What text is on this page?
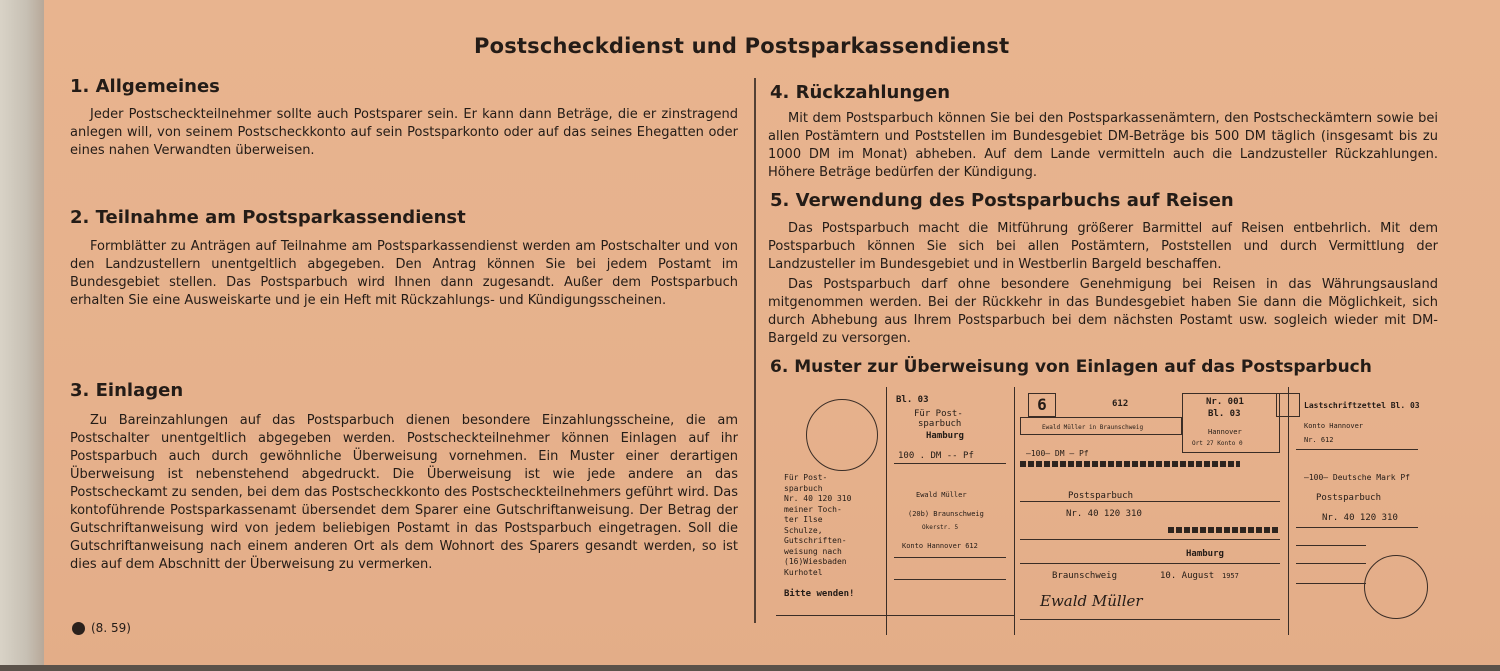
Postscheckdienst und Postsparkassendienst
1. Allgemeines
Jeder Postscheckteilnehmer sollte auch Postsparer sein. Er kann dann Beträge, die er zinstragend anlegen will, von seinem Postscheckkonto auf sein Postsparkonto oder auf das seines Ehegatten oder eines nahen Verwandten überweisen.
2. Teilnahme am Postsparkassendienst
Formblätter zu Anträgen auf Teilnahme am Postsparkassendienst werden am Postschalter und von den Landzustellern unentgeltlich abgegeben. Den Antrag können Sie bei jedem Postamt im Bundesgebiet stellen. Das Postsparbuch wird Ihnen dann zugesandt. Außer dem Postsparbuch erhalten Sie eine Ausweiskarte und je ein Heft mit Rückzahlungs- und Kündigungsscheinen.
3. Einlagen
Zu Bareinzahlungen auf das Postsparbuch dienen besondere Einzahlungsscheine, die am Postschalter unentgeltlich abgegeben werden. Postscheckteilnehmer können Einlagen auf ihr Postsparbuch auch durch gewöhnliche Überweisung vornehmen. Ein Muster einer derartigen Überweisung ist nebenstehend abgedruckt. Die Überweisung ist wie jede andere an das Postscheckamt zu senden, bei dem das Postscheckkonto des Postscheckteilnehmers geführt wird. Das kontoführende Postsparkassenamt übersendet dem Sparer eine Gutschriftanweisung. Der Betrag der Gutschriftanweisung wird von jedem beliebigen Postamt in das Postsparbuch eingetragen. Soll die Gutschriftanweisung nach einem anderen Ort als dem Wohnort des Sparers gesandt werden, so ist dies auf dem Abschnitt der Überweisung zu vermerken.
(8. 59)
4. Rückzahlungen
Mit dem Postsparbuch können Sie bei den Postsparkassenämtern, den Postscheckämtern sowie bei allen Postämtern und Poststellen im Bundesgebiet DM-Beträge bis 500 DM täglich (insgesamt bis zu 1000 DM im Monat) abheben. Auf dem Lande vermitteln auch die Landzusteller Rückzahlungen. Höhere Beträge bedürfen der Kündigung.
5. Verwendung des Postsparbuchs auf Reisen
Das Postsparbuch macht die Mitführung größerer Barmittel auf Reisen entbehrlich. Mit dem Postsparbuch können Sie sich bei allen Postämtern, Poststellen und durch Vermittlung der Landzusteller im Bundesgebiet und in Westberlin Bargeld beschaffen.
Das Postsparbuch darf ohne besondere Genehmigung bei Reisen in das Währungsausland mitgenommen werden. Bei der Rückkehr in das Bundesgebiet haben Sie dann die Möglichkeit, sich durch Abhebung aus Ihrem Postsparbuch bei dem nächsten Postamt usw. sogleich wieder mit DM-Bargeld zu versorgen.
6. Muster zur Überweisung von Einlagen auf das Postsparbuch
Bl. 03
Für Post-
sparbuch
Hamburg
100 . DM -- Pf
Für Post-
sparbuch
Nr. 40 120 310
meiner Toch-
ter Ilse
Schulze,
Gutschriften-
weisung nach
(16)Wiesbaden
Kurhotel
Ewald Müller
(20b) Braunschweig
Okerstr. 5
Konto Hannover 612
Bitte wenden!
6	612
Ewald Müller in Braunschweig
—100— DM — Pf
Postsparbuch
Nr. 40 120 310
Hamburg
Braunschweig	10. August 1957
Ewald Müller
Nr. 001
Bl. 03
Hannover
Ort 27 Konto 0
Lastschriftzettel Bl. 03
Konto Hannover
Nr. 612
—100— Deutsche Mark Pf
Postsparbuch
Nr. 40 120 310
